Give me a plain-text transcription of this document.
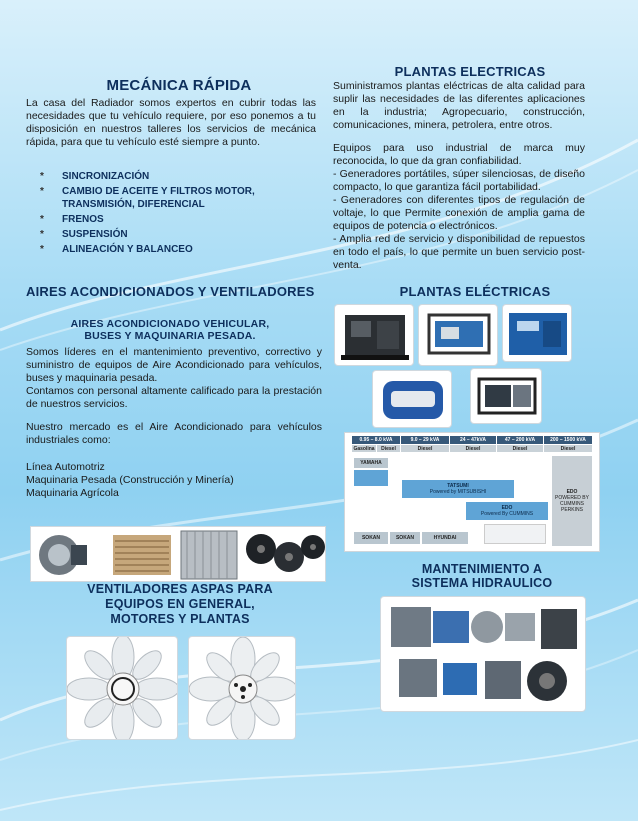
MECÁNICA RÁPIDA

La casa del Radiador somos expertos en cubrir todas las necesidades que tu vehículo requiere, por eso ponemos a tu disposición en nuestros talleres los servicios de mecánica rápida, para que tu vehículo esté siempre a punto.

*	SINCRONIZACIÓN
*	CAMBIO DE ACEITE Y FILTROS MOTOR, TRANSMISIÓN, DIFERENCIAL
*	FRENOS
*	SUSPENSIÓN
*	ALINEACIÓN Y BALANCEO
PLANTAS ELECTRICAS

Suministramos plantas eléctricas de alta calidad para suplir las necesidades de las diferentes aplicaciones en la industria; Agropecuario, construcción, comunicaciones, minera, petrolera, entre otros.

Equipos para uso industrial de marca muy reconocida, lo que da gran confiabilidad.

- Generadores portátiles, súper silenciosas, de diseño compacto, lo que garantiza fácil portabilidad.

- Generadores con diferentes tipos de regulación de voltaje, lo que Permite conexión de amplia gama de equipos de potencia o electrónicos.

- Amplia red de servicio y disponibilidad de repuestos en todo el país, lo que permite un buen servicio post-venta.

AIRES ACONDICIONADOS Y VENTILADORES
AIRES ACONDICIONADO VEHICULAR,
BUSES Y MAQUINARIA PESADA.

Somos líderes en el mantenimiento preventivo, correctivo y suministro de equipos de Aire Acondicionado para vehículos, buses y maquinaria pesada.

Contamos con personal altamente calificado para la prestación de nuestros servicios.

Nuestro mercado es el Aire Acondicionado para vehículos industriales como:

Línea Automotriz

Maquinaria Pesada (Construcción y Minería)

Maquinaria Agrícola

VENTILADORES ASPAS PARA
EQUIPOS EN GENERAL,
MOTORES Y PLANTAS
PLANTAS ELÉCTRICAS
0.95 – 8.0 kVA	9.0 – 29 kVA	24 – 47kVA	47 – 200 kVA	200 – 1500 kVA
Gasolina	Diesel	Diesel	Diesel	Diesel	Diesel
YAMAHA
TATSUMI
Powered by MITSUBISHI
EDO
Powered By CUMMINS
EDO
POWERED BY CUMMINS PERKINS
SOKAN	SOKAN	HYUNDAI
MANTENIMIENTO A
SISTEMA HIDRAULICO
